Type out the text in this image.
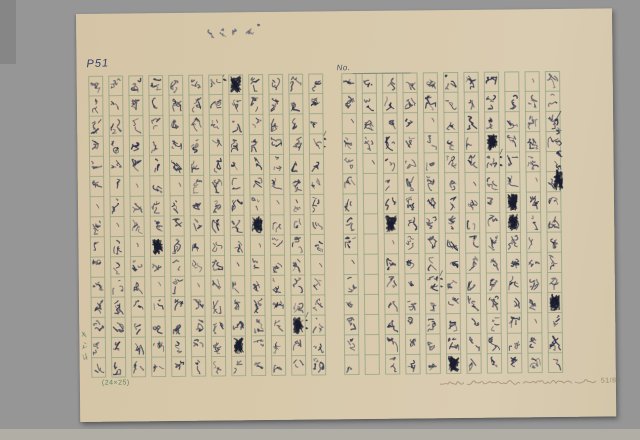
P51
(24×25)
No.
51/88
